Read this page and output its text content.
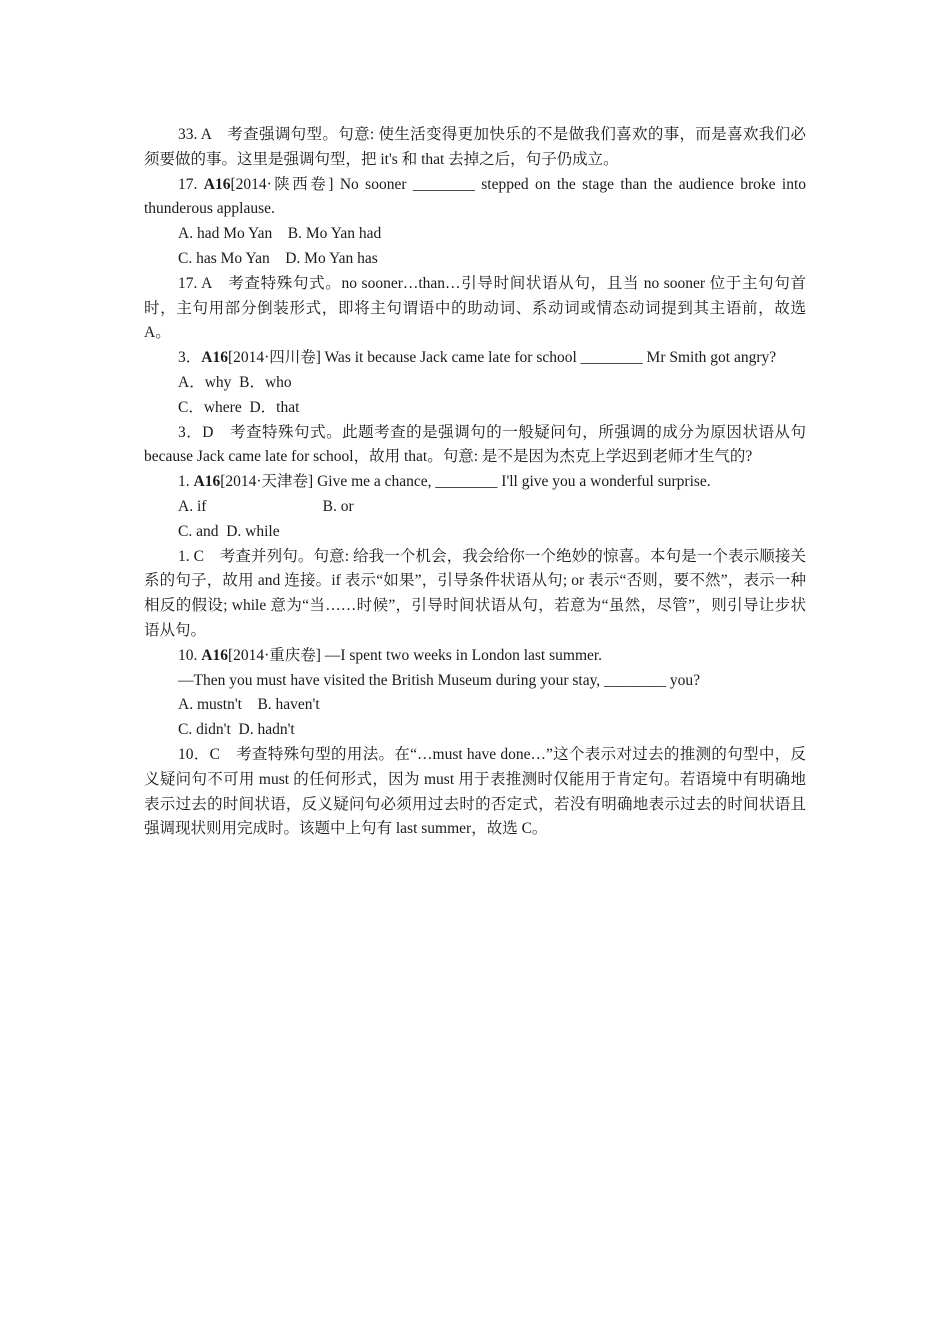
33. A　考查强调句型。句意: 使生活变得更加快乐的不是做我们喜欢的事，而是喜欢我们必须要做的事。这里是强调句型，把 it's 和 that 去掉之后，句子仍成立。

17. A16[2014·陕西卷] No sooner ________ stepped on the stage than the audience broke into thunderous applause.

A. had Mo Yan    B. Mo Yan had

C. has Mo Yan    D. Mo Yan has

17. A　考查特殊句式。no sooner…than…引导时间状语从句，且当 no sooner 位于主句句首时，主句用部分倒装形式，即将主句谓语中的助动词、系动词或情态动词提到其主语前，故选 A。

3．A16[2014·四川卷] Was it because Jack came late for school ________ Mr Smith got angry?

A．why  B．who

C．where  D．that

3．D　考查特殊句式。此题考查的是强调句的一般疑问句，所强调的成分为原因状语从句 because Jack came late for school，故用 that。句意: 是不是因为杰克上学迟到老师才生气的?

1. A16[2014·天津卷] Give me a chance, ________ I'll give you a wonderful surprise.

A. if                              B. or

C. and  D. while

1. C　考查并列句。句意: 给我一个机会，我会给你一个绝妙的惊喜。本句是一个表示顺接关系的句子，故用 and 连接。if 表示“如果”，引导条件状语从句; or 表示“否则，要不然”，表示一种相反的假设; while 意为“当……时候”，引导时间状语从句，若意为“虽然，尽管”，则引导让步状语从句。

10. A16[2014·重庆卷] —I spent two weeks in London last summer.

—Then you must have visited the British Museum during your stay, ________ you?

A. mustn't    B. haven't

C. didn't  D. hadn't

10．C　考查特殊句型的用法。在“…must have done…”这个表示对过去的推测的句型中，反义疑问句不可用 must 的任何形式，因为 must 用于表推测时仅能用于肯定句。若语境中有明确地表示过去的时间状语，反义疑问句必须用过去时的否定式，若没有明确地表示过去的时间状语且强调现状则用完成时。该题中上句有 last summer，故选 C。
